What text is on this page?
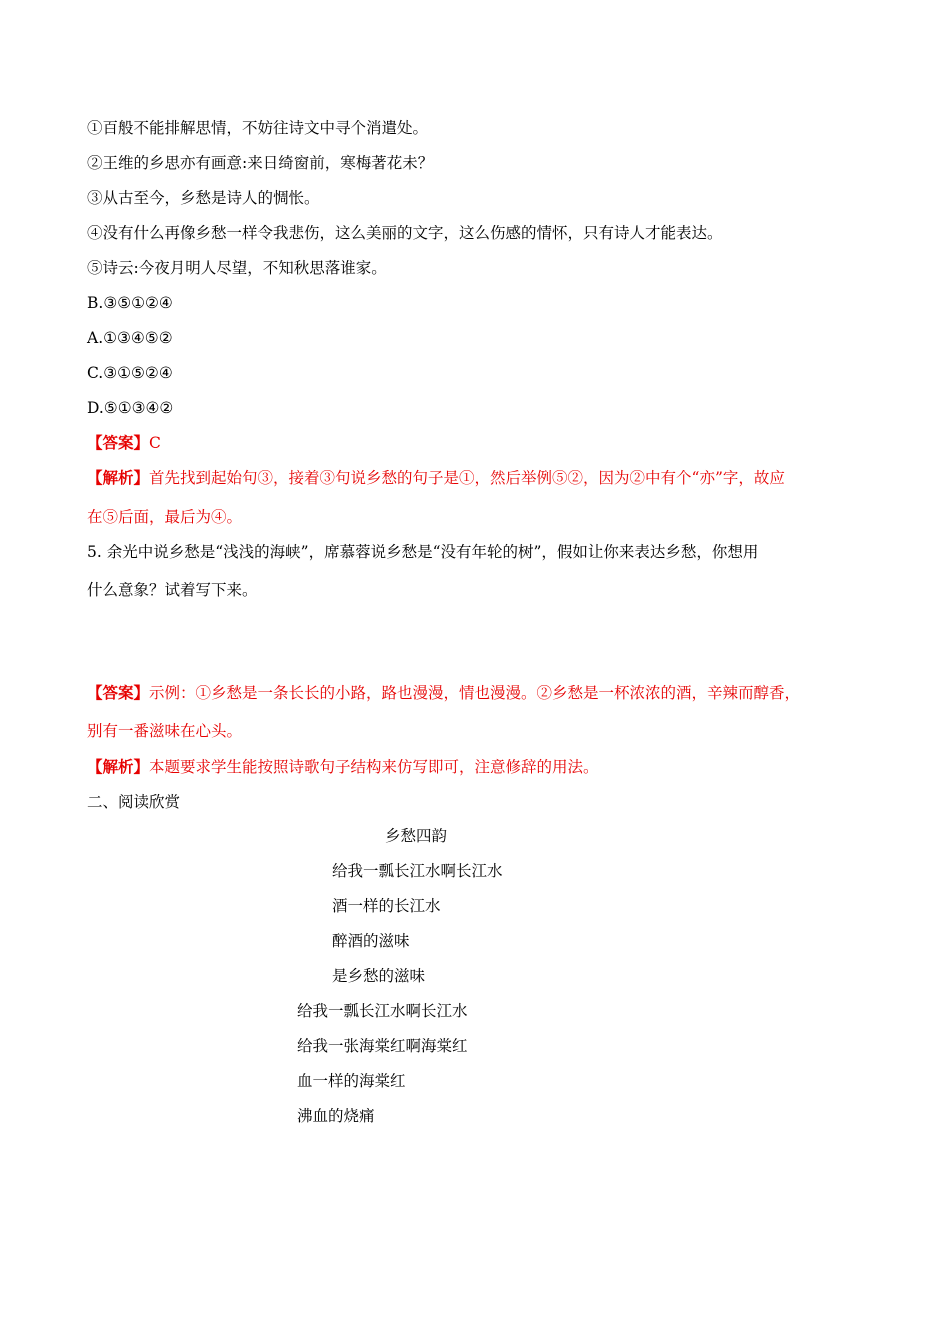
①百般不能排解思情，不妨往诗文中寻个消遣处。
②王维的乡思亦有画意:来日绮窗前，寒梅著花未？
③从古至今，乡愁是诗人的惆怅。
④没有什么再像乡愁一样令我悲伤，这么美丽的文字，这么伤感的情怀，只有诗人才能表达。
⑤诗云:今夜月明人尽望，不知秋思落谁家。
B.③⑤①②④
A.①③④⑤②
C.③①⑤②④
D.⑤①③④②
【答案】C
【解析】首先找到起始句③，接着③句说乡愁的句子是①，然后举例⑤②，因为②中有个“亦”字，故应
在⑤后面，最后为④。
5. 余光中说乡愁是“浅浅的海峡”，席慕蓉说乡愁是“没有年轮的树”，假如让你来表达乡愁，你想用
什么意象？试着写下来。
【答案】示例：①乡愁是一条长长的小路，路也漫漫，情也漫漫。②乡愁是一杯浓浓的酒，辛辣而醇香，
别有一番滋味在心头。
【解析】本题要求学生能按照诗歌句子结构来仿写即可，注意修辞的用法。
二、阅读欣赏
乡愁四韵
给我一瓢长江水啊长江水
酒一样的长江水
醉酒的滋味
是乡愁的滋味
给我一瓢长江水啊长江水
给我一张海棠红啊海棠红
血一样的海棠红
沸血的烧痛
